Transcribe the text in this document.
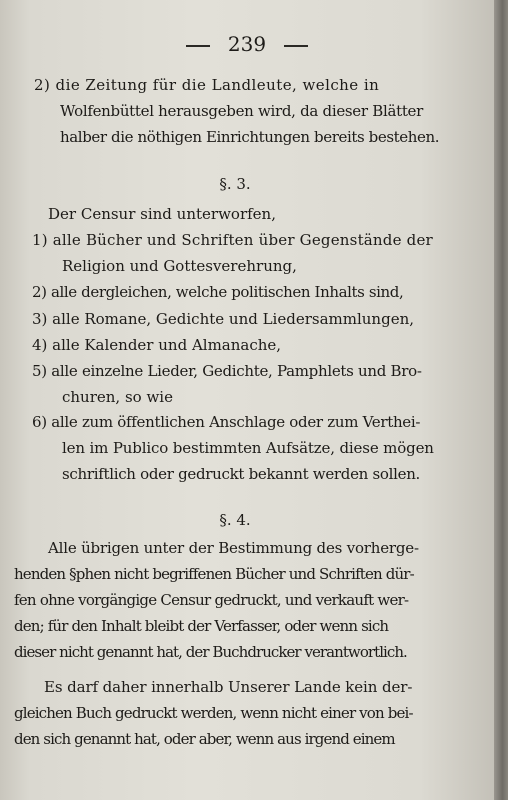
239
2) die Zeitung für die Landleute, welche in
Wolfenbüttel herausgeben wird, da dieser Blätter
halber die nöthigen Einrichtungen bereits bestehen.
§. 3.
Der Censur sind unterworfen,
1) alle Bücher und Schriften über Gegenstände der
Religion und Gottesverehrung,
2) alle dergleichen, welche politischen Inhalts sind,
3) alle Romane, Gedichte und Liedersammlungen,
4) alle Kalender und Almanache,
5) alle einzelne Lieder, Gedichte, Pamphlets und Bro-
churen, so wie
6) alle zum öffentlichen Anschlage oder zum Verthei-
len im Publico bestimmten Aufsätze, diese mögen
schriftlich oder gedruckt bekannt werden sollen.
§. 4.
Alle übrigen unter der Bestimmung des vorherge-
henden §phen nicht begriffenen Bücher und Schriften dür-
fen ohne vorgängige Censur gedruckt, und verkauft wer-
den; für den Inhalt bleibt der Verfasser, oder wenn sich
dieser nicht genannt hat, der Buchdrucker verantwortlich.
Es darf daher innerhalb Unserer Lande kein der-
gleichen Buch gedruckt werden, wenn nicht einer von bei-
den sich genannt hat, oder aber, wenn aus irgend einem
